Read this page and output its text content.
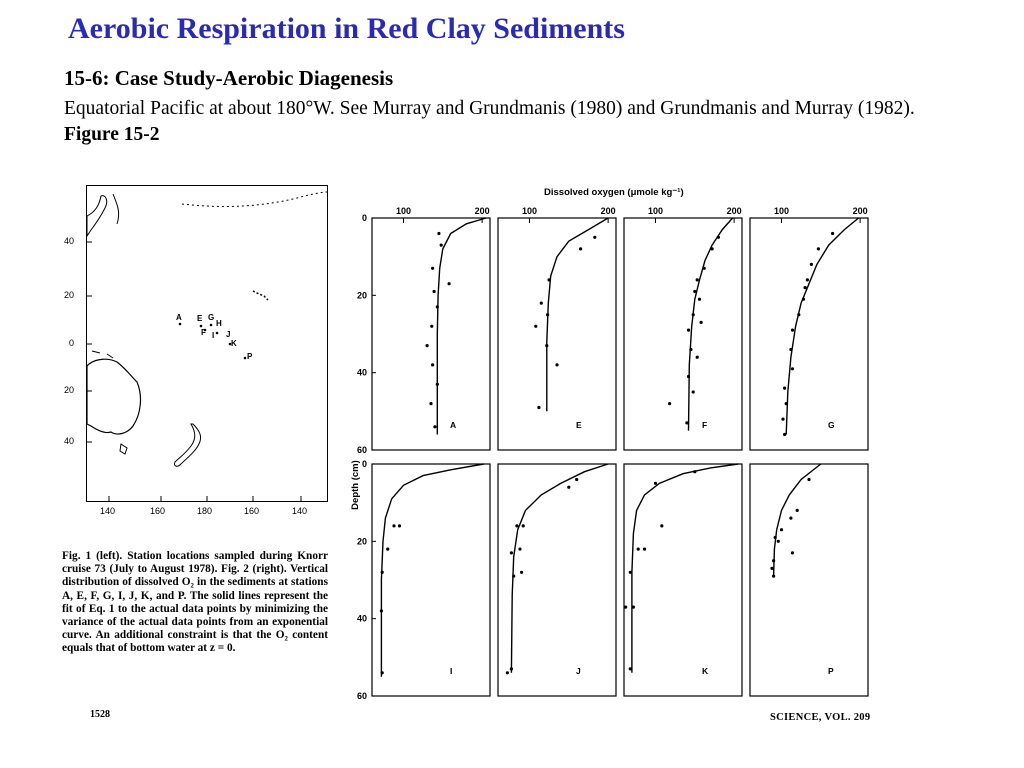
Aerobic Respiration in Red Clay Sediments
15-6: Case Study-Aerobic Diagenesis
Equatorial Pacific at about 180°W. See Murray and Grundmanis (1980) and Grundmanis and Murray (1982). Figure 15-2
A E G
H
F I J
K
P
40
20
0
20
40
140	160	180	160	140
Fig. 1 (left). Station locations sampled during Knorr cruise 73 (July to August 1978). Fig. 2 (right). Vertical distribution of dissolved O₂ in the sediments at stations A, E, F, G, I, J, K, and P. The solid lines represent the fit of Eq. 1 to the actual data points by minimizing the variance of the actual data points from an exponential curve. An additional constraint is that the O₂ content equals that of bottom water at z = 0.
1528	SCIENCE, VOL. 209
Dissolved oxygen (μmole kg⁻¹)
Depth (cm)
A
100	200
E
100	200
F
100	200
G
100	200
I	J	K	P
0
20
40
60
0
20
40
60
